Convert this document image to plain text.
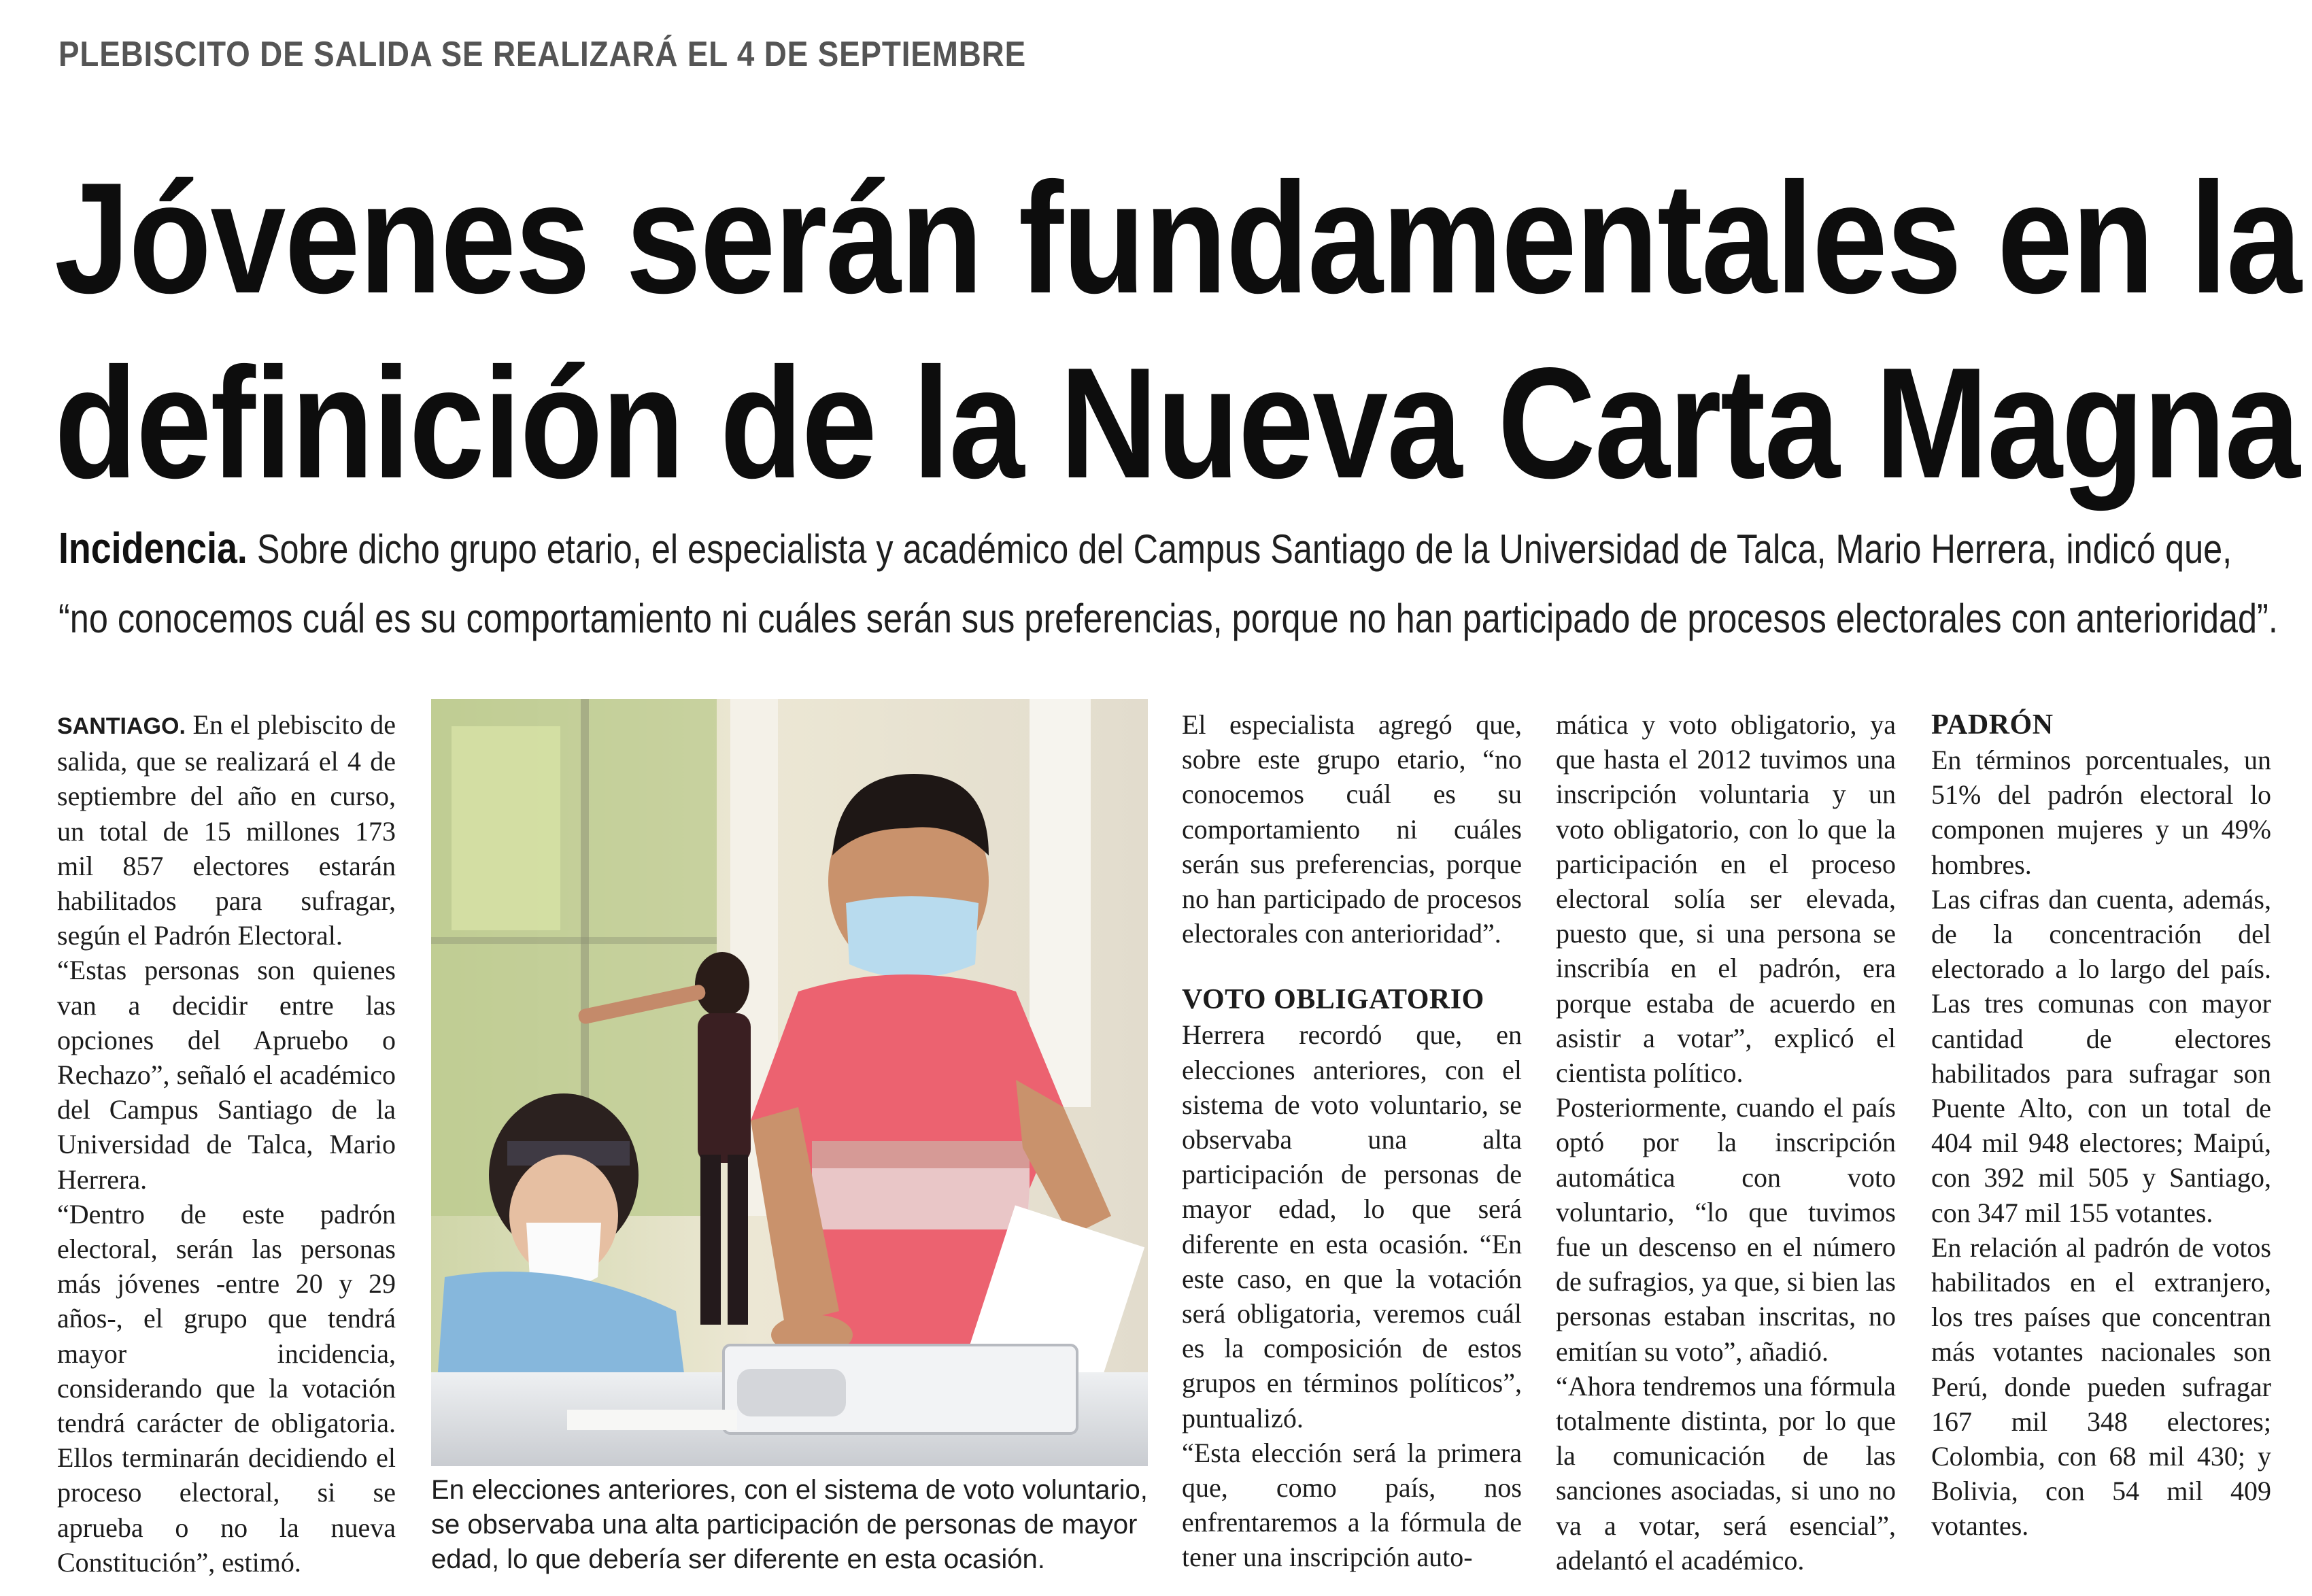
PLEBISCITO DE SALIDA SE REALIZARÁ EL 4 DE SEPTIEMBRE
Jóvenes serán fundamentales en la
definición de la Nueva Carta Magna
Incidencia. Sobre dicho grupo etario, el especialista y académico del Campus Santiago de la Universidad de Talca, Mario Herrera, indicó que,
“no conocemos cuál es su comportamiento ni cuáles serán sus preferencias, porque no han participado de procesos electorales con anterioridad”.

SANTIAGO. En el plebiscito de salida, que se realizará el 4 de septiembre del año en curso, un total de 15 millones 173 mil 857 electores estarán habilitados para sufragar, según el Padrón Electoral.

“Estas personas son quienes van a decidir entre las opciones del Apruebo o Rechazo”, señaló el académico del Campus Santiago de la Universidad de Talca, Mario Herrera.

“Dentro de este padrón electoral, serán las personas más jóvenes -entre 20 y 29 años-, el grupo que tendrá mayor incidencia, considerando que la votación tendrá carácter de obligatoria. Ellos terminarán decidiendo el proceso electoral, si se aprueba o no la nueva Constitución”, estimó.

En elecciones anteriores, con el sistema de voto voluntario,
se observaba una alta participación de personas de mayor
edad, lo que debería ser diferente en esta ocasión.

El especialista agregó que, sobre este grupo etario, “no conocemos cuál es su comportamiento ni cuáles serán sus preferencias, porque no han participado de procesos electorales con anterioridad”.

VOTO OBLIGATORIO

Herrera recordó que, en elecciones anteriores, con el sistema de voto voluntario, se observaba una alta participación de personas de mayor edad, lo que será diferente en esta ocasión. “En este caso, en que la votación será obligatoria, veremos cuál es la composición de estos grupos en términos políticos”, puntualizó.

“Esta elección será la primera que, como país, nos enfrentaremos a la fórmula de tener una inscripción auto-

mática y voto obligatorio, ya que hasta el 2012 tuvimos una inscripción voluntaria y un voto obligatorio, con lo que la participación en el proceso electoral solía ser elevada, puesto que, si una persona se inscribía en el padrón, era porque estaba de acuerdo en asistir a votar”, explicó el cientista político.

Posteriormente, cuando el país optó por la inscripción automática con voto voluntario, “lo que tuvimos fue un descenso en el número de sufragios, ya que, si bien las personas estaban inscritas, no emitían su voto”, añadió.

“Ahora tendremos una fórmula totalmente distinta, por lo que la comunicación de las sanciones asociadas, si uno no va a votar, será esencial”, adelantó el académico.

PADRÓN

En términos porcentuales, un 51% del padrón electoral lo componen mujeres y un 49% hombres.

Las cifras dan cuenta, además, de la concentración del electorado a lo largo del país. Las tres comunas con mayor cantidad de electores habilitados para sufragar son Puente Alto, con un total de 404 mil 948 electores; Maipú, con 392 mil 505 y Santiago, con 347 mil 155 votantes.

En relación al padrón de votos habilitados en el extranjero, los tres países que concentran más votantes nacionales son Perú, donde pueden sufragar 167 mil 348 electores; Colombia, con 68 mil 430; y Bolivia, con 54 mil 409 votantes.
